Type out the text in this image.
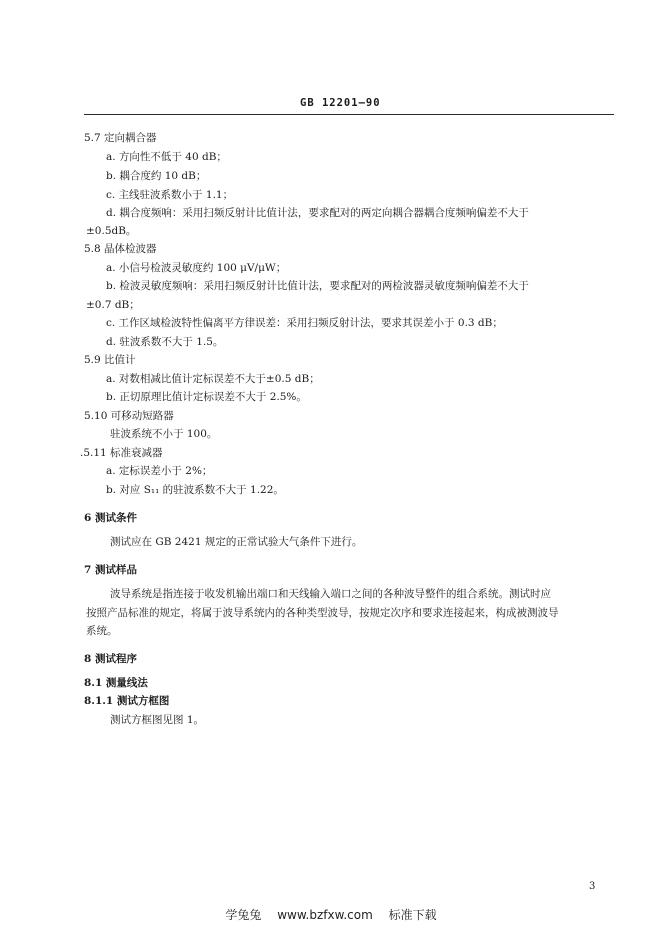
GB 12201—90
5.7 定向耦合器
a. 方向性不低于 40 dB；
b. 耦合度约 10 dB；
c. 主线驻波系数小于 1.1；
d. 耦合度频响：采用扫频反射计比值计法，要求配对的两定向耦合器耦合度频响偏差不大于
±0.5dB。
5.8 晶体检波器
a. 小信号检波灵敏度约 100 μV/μW；
b. 检波灵敏度频响：采用扫频反射计比值计法，要求配对的两检波器灵敏度频响偏差不大于
±0.7 dB；
c. 工作区域检波特性偏离平方律误差：采用扫频反射计法，要求其误差小于 0.3 dB；
d. 驻波系数不大于 1.5。
5.9 比值计
a. 对数相减比值计定标误差不大于±0.5 dB；
b. 正切原理比值计定标误差不大于 2.5%。
5.10 可移动短路器
驻波系统不小于 100。
.5.11 标准衰减器
a. 定标误差小于 2%；
b. 对应 S₁₁ 的驻波系数不大于 1.22。
6 测试条件
测试应在 GB 2421 规定的正常试验大气条件下进行。
7 测试样品
波导系统是指连接于收发机输出端口和天线输入端口之间的各种波导整件的组合系统。测试时应
按照产品标准的规定，将属于波导系统内的各种类型波导，按规定次序和要求连接起来，构成被测波导
系统。
8 测试程序
8.1 测量线法
8.1.1 测试方框图
测试方框图见图 1。
3
学兔兔 www.bzfxw.com 标准下载
